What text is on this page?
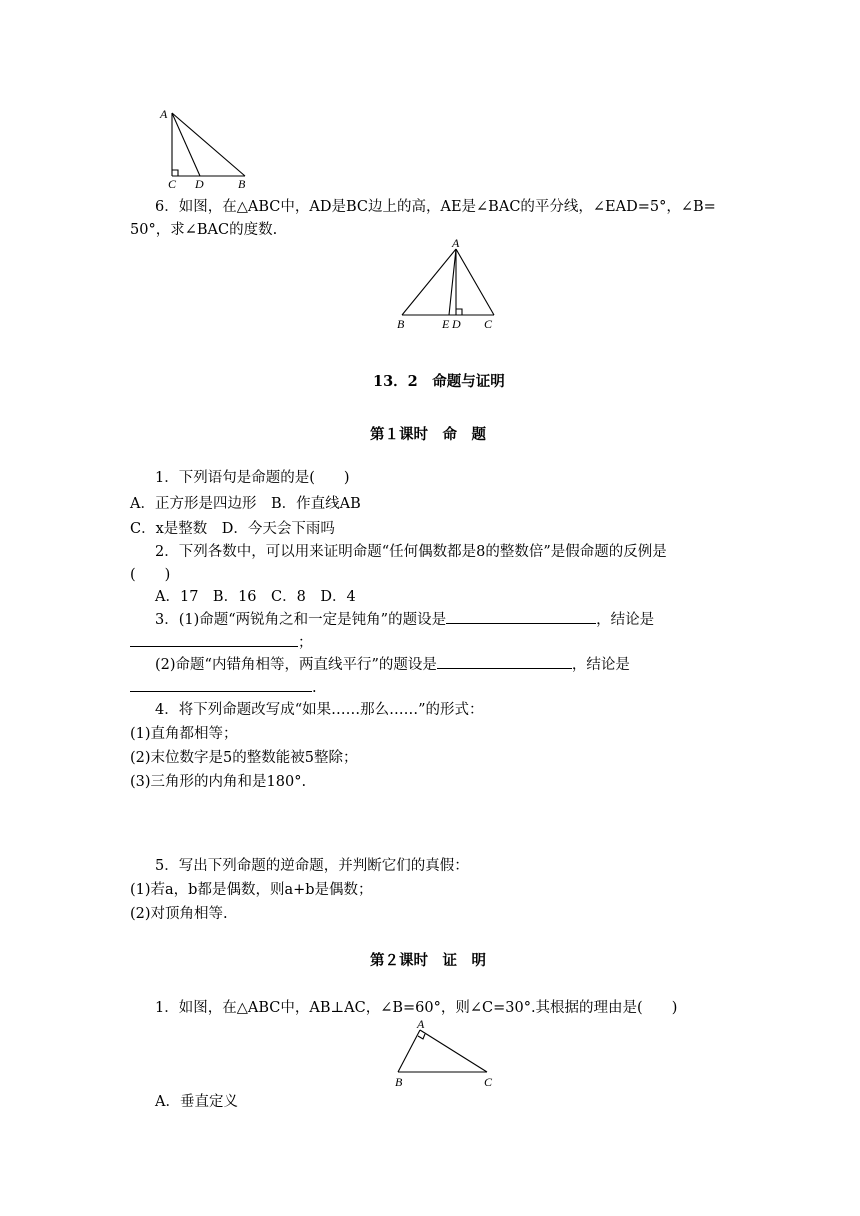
A
C D	B
6．如图，在△ABC中，AD是BC边上的高，AE是∠BAC的平分线，∠EAD=5°，∠B=
50°，求∠BAC的度数.
A
B	E D C
13．2　命题与证明
第１课时　命　题
1．下列语句是命题的是(　　)
A．正方形是四边形　B．作直线AB
C．x是整数　D．今天会下雨吗
2．下列各数中，可以用来证明命题“任何偶数都是8的整数倍”是假命题的反例是
(　　)
A．17　B．16　C．8　D．4
3．(1)命题“两锐角之和一定是钝角”的题设是	，结论是
；
(2)命题“内错角相等，两直线平行”的题设是	，结论是
.
4．将下列命题改写成“如果……那么……”的形式：
(1)直角都相等；
(2)末位数字是5的整数能被5整除；
(3)三角形的内角和是180°.
5．写出下列命题的逆命题，并判断它们的真假：
(1)若a，b都是偶数，则a+b是偶数；
(2)对顶角相等.
第２课时　证　明
1．如图，在△ABC中，AB⊥AC，∠B=60°，则∠C=30°.其根据的理由是(　　)
A
B	C
A．垂直定义
